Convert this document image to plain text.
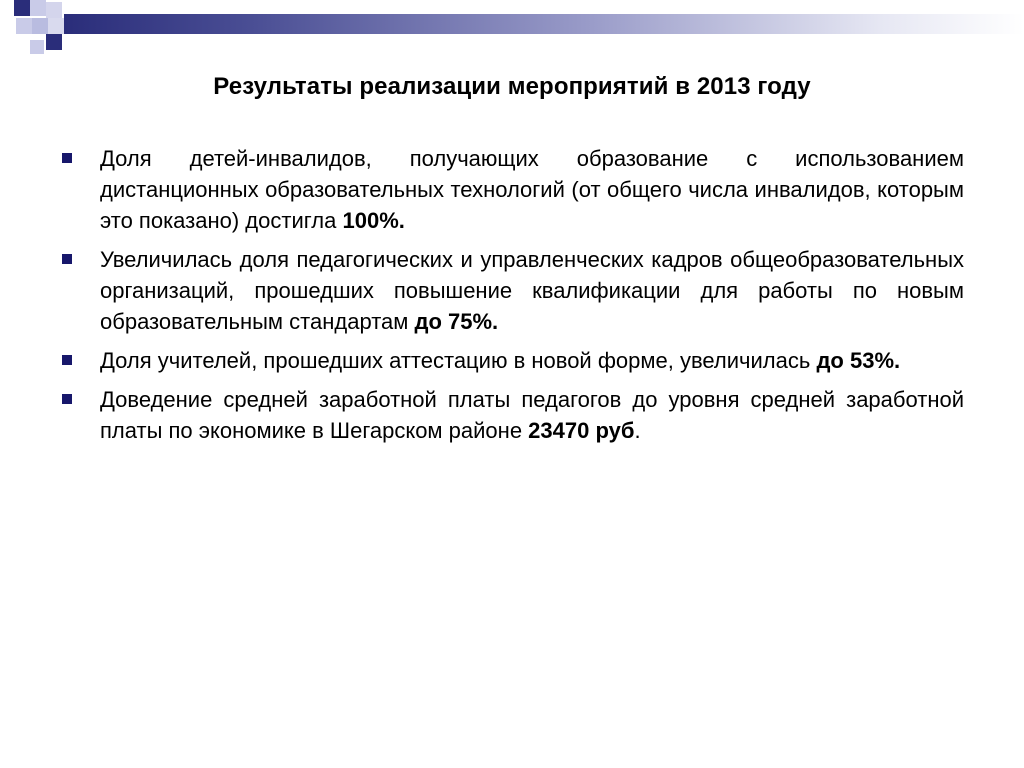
Результаты реализации мероприятий в 2013 году
Доля детей-инвалидов, получающих образование с использованием дистанционных образовательных технологий (от общего числа инвалидов, которым это показано) достигла 100%.
Увеличилась доля педагогических и управленческих кадров общеобразовательных организаций, прошедших повышение квалификации для работы по новым образовательным стандартам до 75%.
Доля учителей, прошедших аттестацию в новой форме, увеличилась до 53%.
Доведение средней заработной платы педагогов до уровня средней заработной платы по экономике в Шегарском районе 23470 руб.
